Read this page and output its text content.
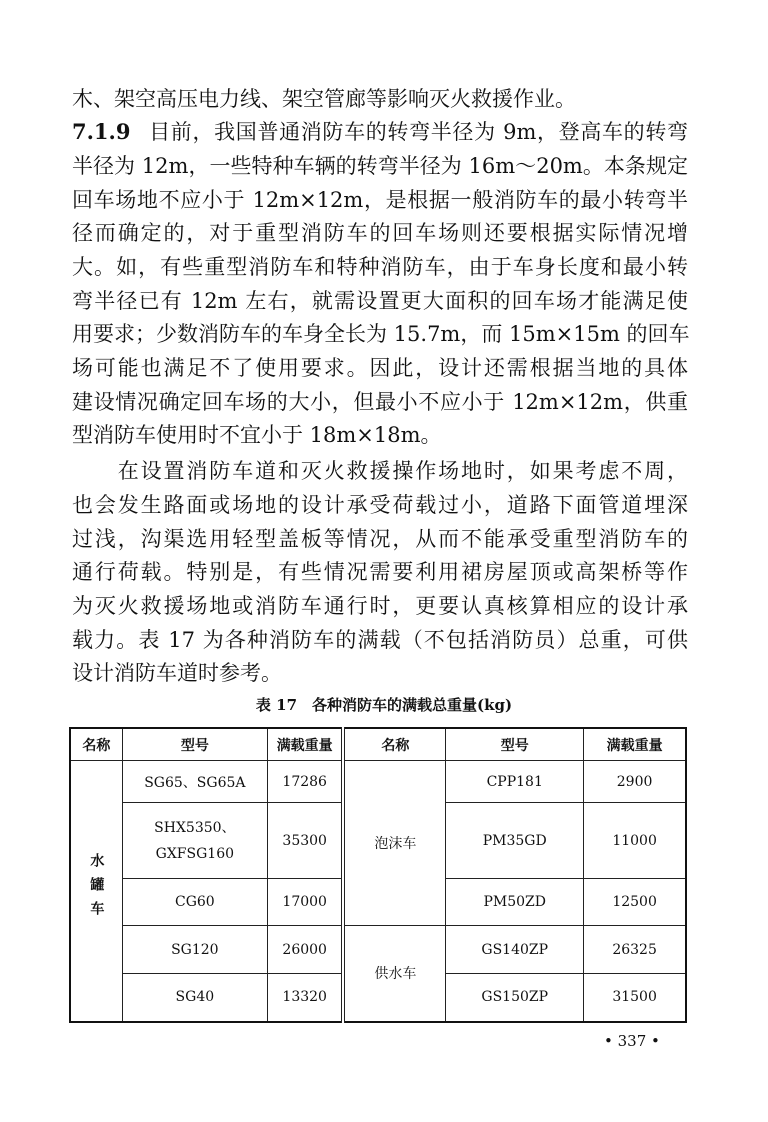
木、架空高压电力线、架空管廊等影响灭火救援作业。
7.1.9 目前，我国普通消防车的转弯半径为 9m，登高车的转弯
半径为 12m，一些特种车辆的转弯半径为 16m～20m。本条规定
回车场地不应小于 12m×12m，是根据一般消防车的最小转弯半
径而确定的，对于重型消防车的回车场则还要根据实际情况增
大。如，有些重型消防车和特种消防车，由于车身长度和最小转
弯半径已有 12m 左右，就需设置更大面积的回车场才能满足使
用要求；少数消防车的车身全长为 15.7m，而 15m×15m 的回车
场可能也满足不了使用要求。因此，设计还需根据当地的具体
建设情况确定回车场的大小，但最小不应小于 12m×12m，供重
型消防车使用时不宜小于 18m×18m。
　　在设置消防车道和灭火救援操作场地时，如果考虑不周，
也会发生路面或场地的设计承受荷载过小，道路下面管道埋深
过浅，沟渠选用轻型盖板等情况，从而不能承受重型消防车的
通行荷载。特别是，有些情况需要利用裙房屋顶或高架桥等作
为灭火救援场地或消防车通行时，更要认真核算相应的设计承
载力。表 17 为各种消防车的满载（不包括消防员）总重，可供
设计消防车道时参考。
表 17　各种消防车的满载总重量(kg)
名称	型号	满载重量	名称	型号	满载重量
水罐车	SG65、SG65A	17286	泡沫车	CPP181	2900
	SHX5350、GXFSG160	35300		PM35GD	11000
	CG60	17000		PM50ZD	12500
	SG120	26000	供水车	GS140ZP	26325
	SG40	13320		GS150ZP	31500
• 337 •
